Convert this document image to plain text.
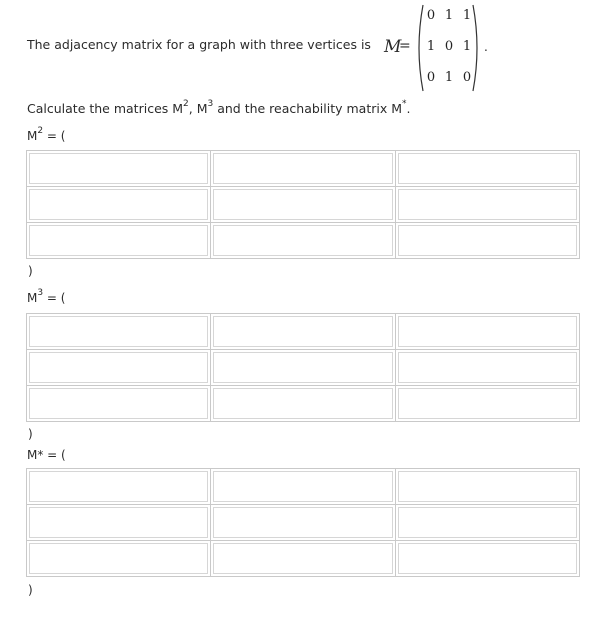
The adjacency matrix for a graph with three vertices is M
=
0 1 1
1 0 1
0 1 0
.
Calculate the matrices $M^2$, $M^3$ and the reachability matrix M*.
$M^2$ = (
)
$M^3$ = (
)
M* = (
)
